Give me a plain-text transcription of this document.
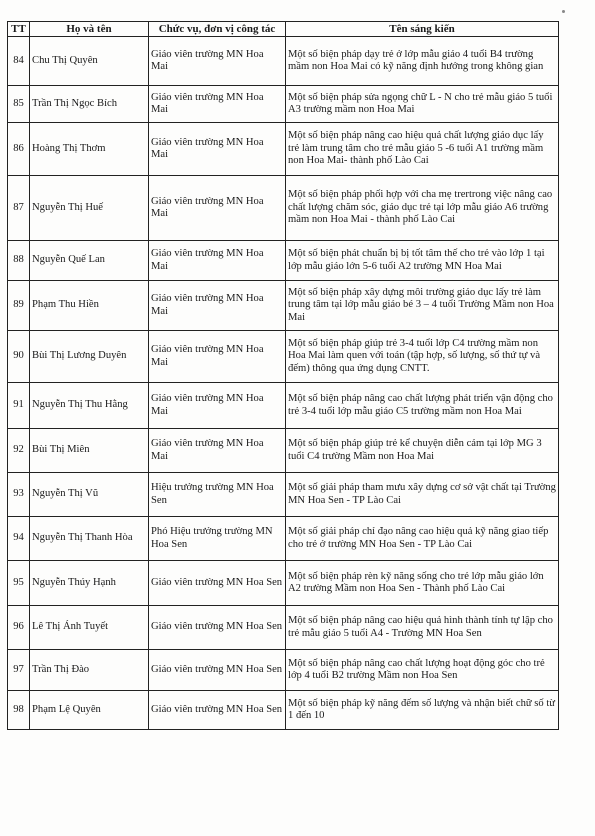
TT	Họ và tên	Chức vụ, đơn vị công tác	Tên sáng kiến
84	Chu Thị Quyên	Giáo viên trường MN Hoa Mai	Một số biện pháp dạy trẻ ở lớp mẫu giáo 4 tuổi B4 trường mầm non Hoa Mai có kỹ năng định hướng trong không gian
85	Trần Thị Ngọc Bích	Giáo viên trường MN Hoa Mai	Một số biện pháp sửa ngọng chữ L - N cho trẻ mẫu giáo 5 tuổi A3 trường mầm non Hoa Mai
86	Hoàng Thị Thơm	Giáo viên trường MN Hoa Mai	Một số biện pháp nâng cao hiệu quả chất lượng giáo dục lấy trẻ làm trung tâm cho trẻ mẫu giáo 5 -6 tuổi A1 trường mầm non Hoa Mai- thành phố Lào Cai
87	Nguyễn Thị Huế	Giáo viên trường MN Hoa Mai	Một số biện pháp phối hợp với cha mẹ trertrong việc nâng cao chất lượng chăm sóc, giáo dục trẻ tại lớp mẫu giáo A6 trường mầm non Hoa Mai - thành phố Lào Cai
88	Nguyễn Quế Lan	Giáo viên trường MN Hoa Mai	Một số biện phát chuẩn bị bị tốt tâm thế cho trẻ vào lớp 1 tại lớp mẫu giáo lớn 5-6 tuổi A2 trường MN Hoa Mai
89	Phạm Thu Hiền	Giáo viên trường MN Hoa Mai	Một số biện pháp xây dựng môi trường giáo dục lấy trẻ làm trung tâm tại lớp mẫu giáo bé 3 – 4 tuổi Trường Mầm non Hoa Mai
90	Bùi Thị Lương Duyên	Giáo viên trường MN Hoa Mai	Một số biện pháp giúp trẻ 3-4 tuổi lớp C4 trường mầm non Hoa Mai làm quen với toán (tập hợp, số lượng, số thứ tự và đếm) thông qua ứng dụng CNTT.
91	Nguyễn Thị Thu Hằng	Giáo viên trường MN Hoa Mai	Một số biện pháp nâng cao chất lượng phát triển vận động cho trẻ 3-4 tuổi lớp mẫu giáo C5 trường mầm non Hoa Mai
92	Bùi Thị Miên	Giáo viên trường MN Hoa Mai	Một số biện pháp giúp trẻ kể chuyện diễn cảm tại lớp MG 3 tuổi C4 trường Mầm non Hoa Mai
93	Nguyễn Thị Vũ	Hiệu trưởng trường MN Hoa Sen	Một số giải pháp tham mưu xây dựng cơ sở vật chất tại Trường MN Hoa Sen - TP Lào Cai
94	Nguyễn Thị Thanh Hòa	Phó Hiệu trưởng trường MN Hoa Sen	Một số giải pháp chỉ đạo nâng cao hiệu quả kỹ năng giao tiếp cho trẻ ở trường MN Hoa Sen - TP Lào Cai
95	Nguyễn Thúy Hạnh	Giáo viên trường MN Hoa Sen	Một số biện pháp rèn kỹ năng sống cho trẻ lớp mẫu giáo lớn A2 trường Mầm non Hoa Sen - Thành phố Lào Cai
96	Lê Thị Ánh Tuyết	Giáo viên trường MN Hoa Sen	Một số biện pháp nâng cao hiệu quả hình thành tính tự lập cho trẻ mẫu giáo 5 tuổi A4 - Trường MN Hoa Sen
97	Trần Thị Đào	Giáo viên trường MN Hoa Sen	Một số biện pháp nâng cao chất lượng hoạt động góc cho trẻ lớp 4 tuổi B2 trường Mầm non Hoa Sen
98	Phạm Lệ Quyên	Giáo viên trường MN Hoa Sen	Một số biện pháp kỹ năng đếm số lượng và nhận biết chữ số từ 1 đến 10
